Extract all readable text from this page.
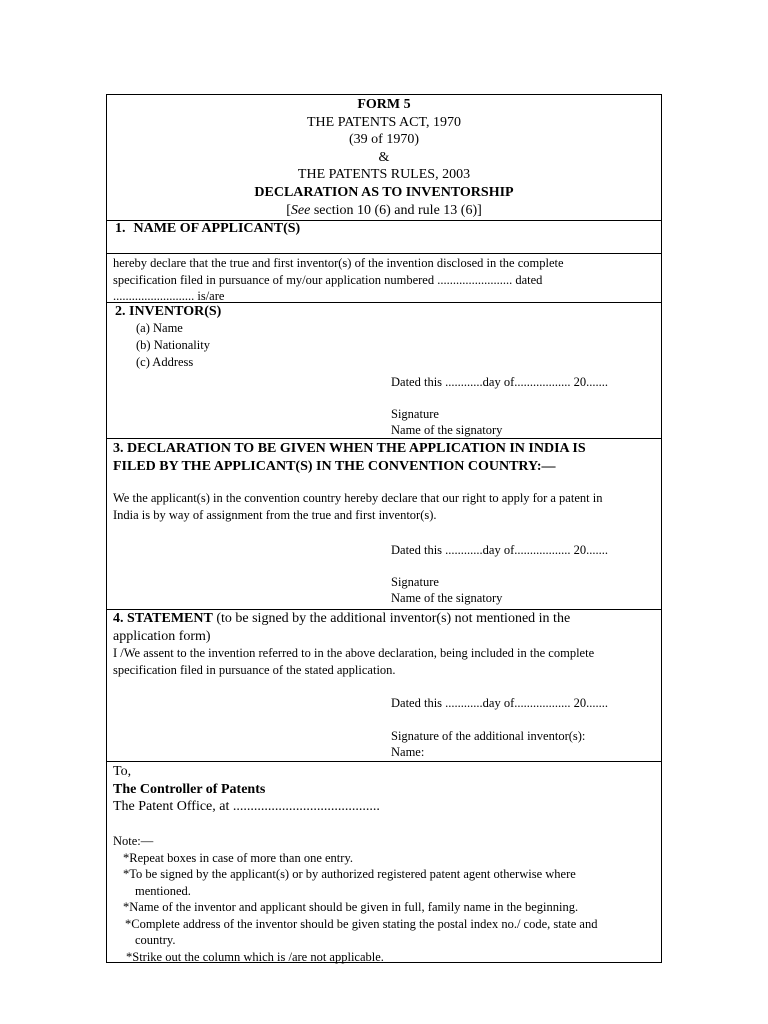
FORM 5
THE PATENTS ACT, 1970
(39 of 1970)
&
THE PATENTS RULES, 2003
DECLARATION AS TO INVENTORSHIP
[See section 10 (6) and rule 13 (6)]
1. NAME OF APPLICANT(S)
hereby declare that the true and first inventor(s) of the invention disclosed in the complete
specification filed in pursuance of my/our application numbered ........................ dated
.......................... is/are
2. INVENTOR(S)
(a) Name
(b) Nationality
(c) Address
Dated this ............day of.................. 20.......
Signature
Name of the signatory
3. DECLARATION TO BE GIVEN WHEN THE APPLICATION IN INDIA IS
FILED BY THE APPLICANT(S) IN THE CONVENTION COUNTRY:—
We the applicant(s) in the convention country hereby declare that our right to apply for a patent in
India is by way of assignment from the true and first inventor(s).
Dated this ............day of.................. 20.......
Signature
Name of the signatory
4. STATEMENT (to be signed by the additional inventor(s) not mentioned in the
application form)
I /We assent to the invention referred to in the above declaration, being included in the complete
specification filed in pursuance of the stated application.
Dated this ............day of.................. 20.......
Signature of the additional inventor(s):
Name:
To,
The Controller of Patents
The Patent Office, at ..........................................
Note:—
*Repeat boxes in case of more than one entry.
*To be signed by the applicant(s) or by authorized registered patent agent otherwise where
mentioned.
*Name of the inventor and applicant should be given in full, family name in the beginning.
*Complete address of the inventor should be given stating the postal index no./ code, state and
country.
*Strike out the column which is /are not applicable.
